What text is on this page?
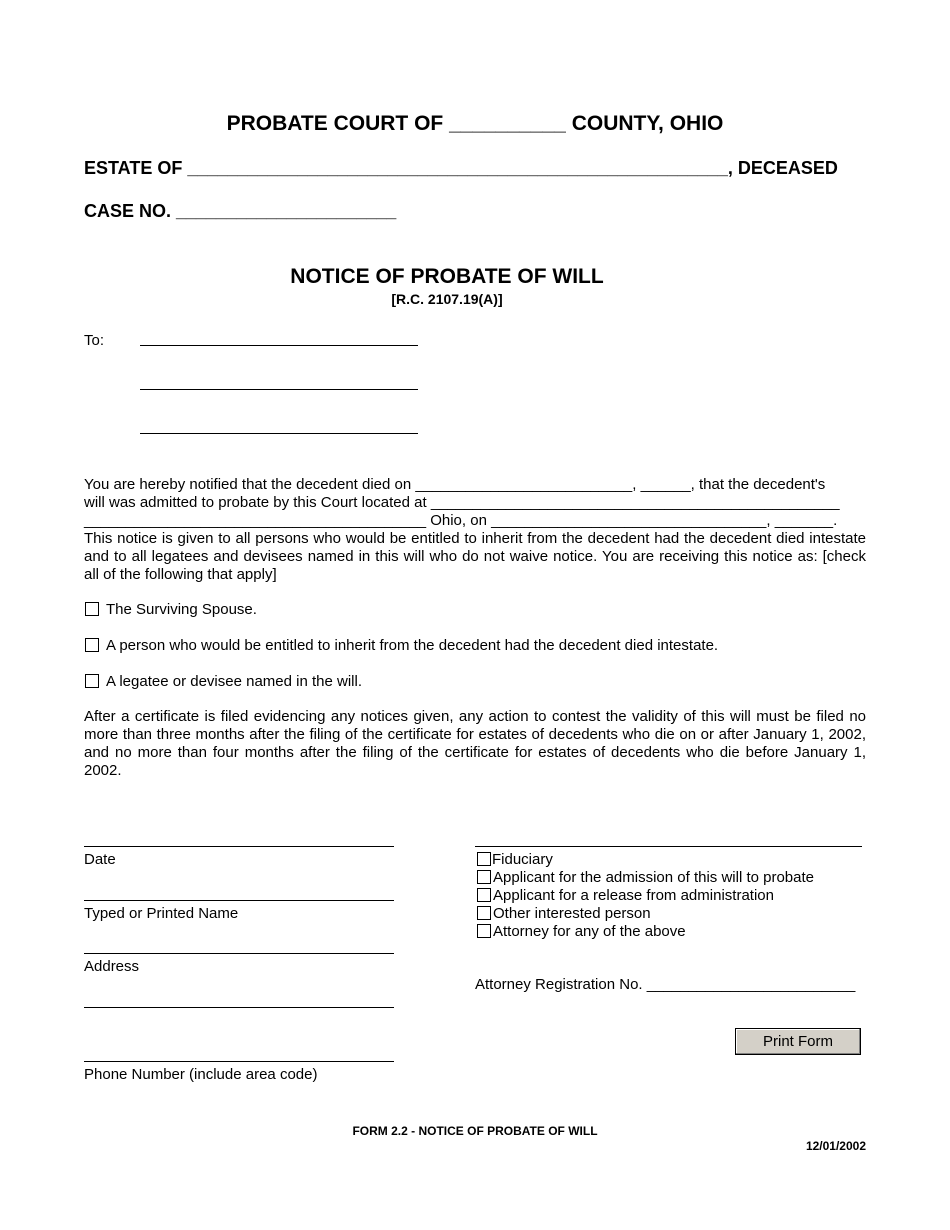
PROBATE COURT OF __________ COUNTY, OHIO
ESTATE OF ______________________________________________________, DECEASED
CASE NO. ______________________
NOTICE OF PROBATE OF WILL
[R.C. 2107.19(A)]
To:
You are hereby notified that the decedent died on __________________________, ______, that the decedent's
will was admitted to probate by this Court located at _________________________________________________
_________________________________________ Ohio, on _________________________________, _______.
This notice is given to all persons who would be entitled to inherit from the decedent had the decedent died intestate and to all legatees and devisees named in this will who do not waive notice. You are receiving this notice as: [check all of the following that apply]
The Surviving Spouse.
A person who would be entitled to inherit from the decedent had the decedent died intestate.
A legatee or devisee named in the will.
After a certificate is filed evidencing any notices given, any action to contest the validity of this will must be filed no more than three months after the filing of the certificate for estates of decedents who die on or after January 1, 2002, and no more than four months after the filing of the certificate for estates of decedents who die before January 1, 2002.
Date
Typed or Printed Name
Address
Phone Number (include area code)
Fiduciary
Applicant for the admission of this will to probate
Applicant for a release from administration
Other interested person
Attorney for any of the above
Attorney Registration No. _________________________
Print Form
FORM 2.2 - NOTICE OF PROBATE OF WILL
12/01/2002
